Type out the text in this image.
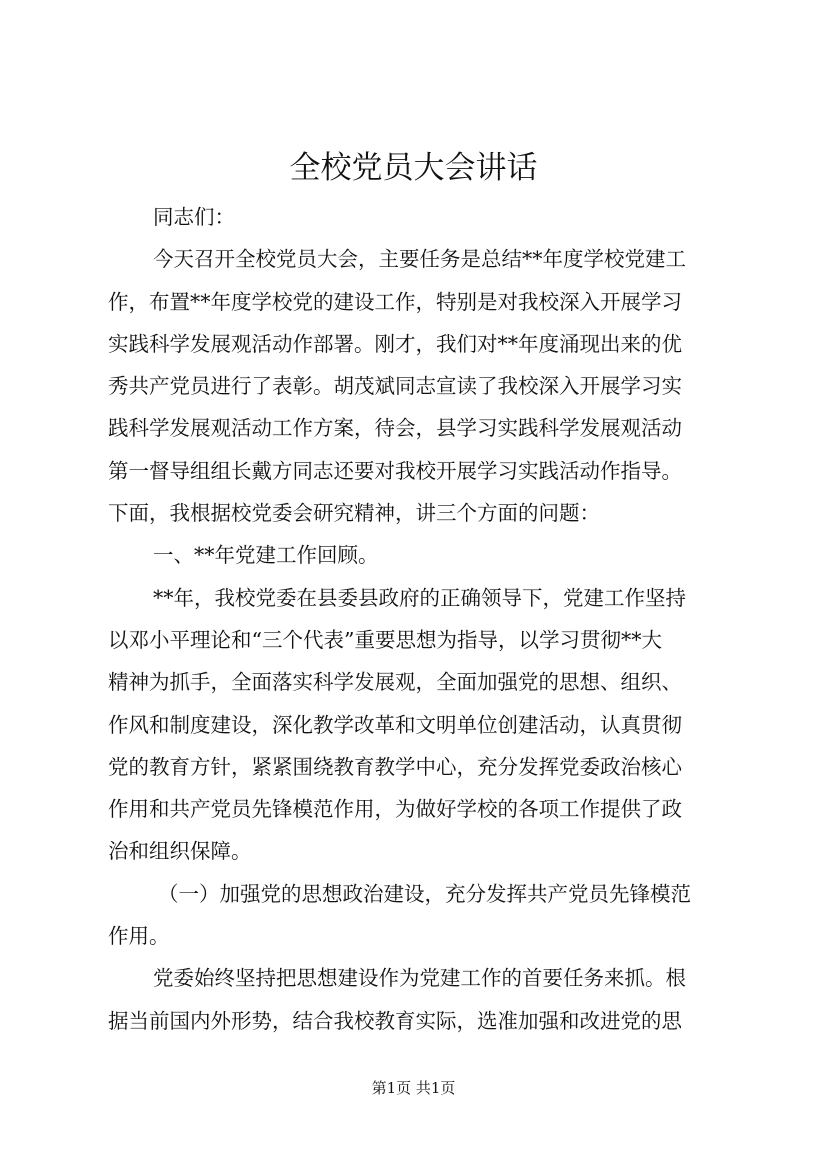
全校党员大会讲话

同志们：

今天召开全校党员大会，主要任务是总结**年度学校党建工
作，布置**年度学校党的建设工作，特别是对我校深入开展学习
实践科学发展观活动作部署。刚才，我们对**年度涌现出来的优
秀共产党员进行了表彰。胡茂斌同志宣读了我校深入开展学习实
践科学发展观活动工作方案，待会，县学习实践科学发展观活动
第一督导组组长戴方同志还要对我校开展学习实践活动作指导。
下面，我根据校党委会研究精神，讲三个方面的问题：

一、**年党建工作回顾。

**年，我校党委在县委县政府的正确领导下，党建工作坚持
以邓小平理论和“三个代表”重要思想为指导，以学习贯彻**大
精神为抓手，全面落实科学发展观，全面加强党的思想、组织、
作风和制度建设，深化教学改革和文明单位创建活动，认真贯彻
党的教育方针，紧紧围绕教育教学中心，充分发挥党委政治核心
作用和共产党员先锋模范作用，为做好学校的各项工作提供了政
治和组织保障。

（一）加强党的思想政治建设，充分发挥共产党员先锋模范
作用。

党委始终坚持把思想建设作为党建工作的首要任务来抓。根
据当前国内外形势，结合我校教育实际，选准加强和改进党的思

第1页 共1页
